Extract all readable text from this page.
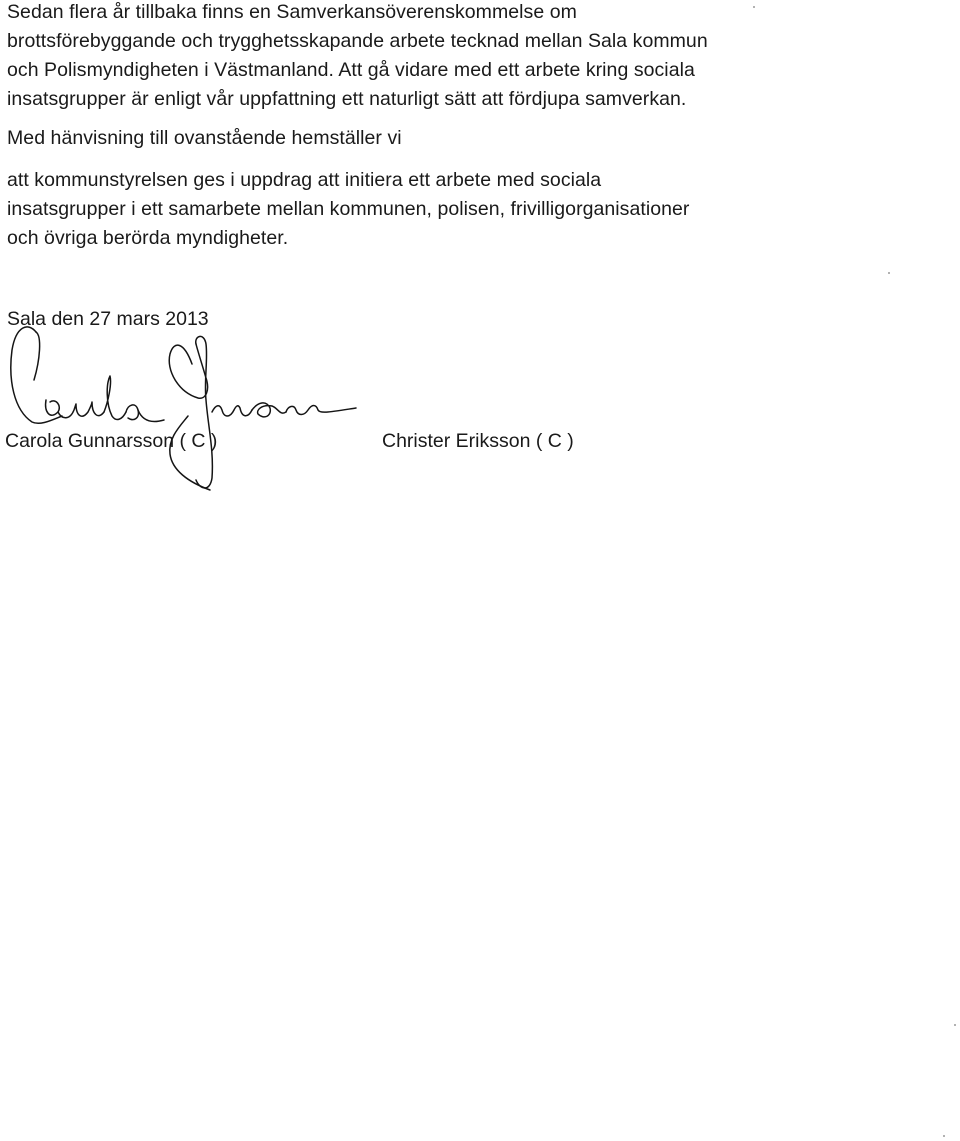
Sedan flera år tillbaka finns en Samverkansöverenskommelse om
brottsförebyggande och trygghetsskapande arbete tecknad mellan Sala kommun
och Polismyndigheten i Västmanland. Att gå vidare med ett arbete kring sociala
insatsgrupper är enligt vår uppfattning ett naturligt sätt att fördjupa samverkan.

Med hänvisning till ovanstående hemställer vi

att kommunstyrelsen ges i uppdrag att initiera ett arbete med sociala
insatsgrupper i ett samarbete mellan kommunen, polisen, frivilligorganisationer
och övriga berörda myndigheter.

Sala den 27 mars 2013
Carola Gunnarsson ( C )	Christer Eriksson ( C )
